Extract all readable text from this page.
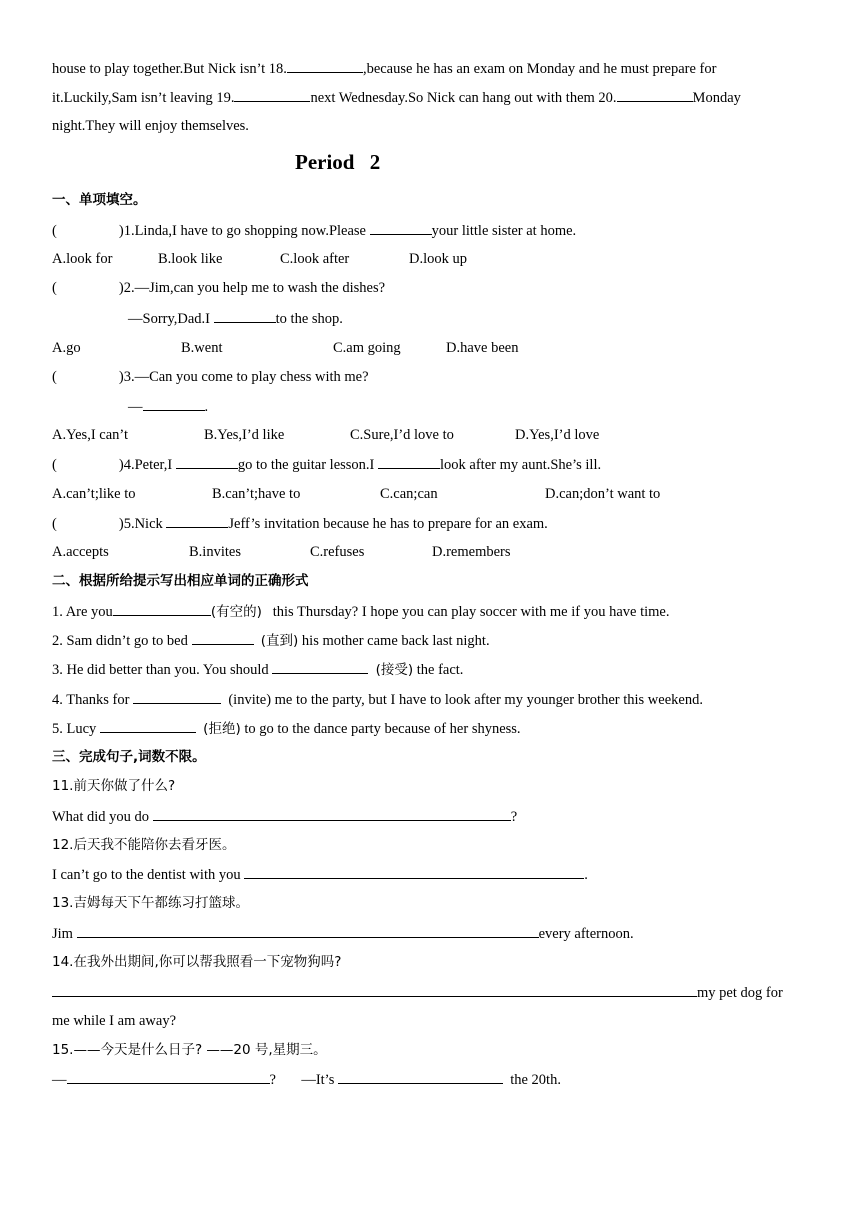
house to play together.But Nick isn’t 18.	,because he has an exam on Monday and he must prepare for
it.Luckily,Sam isn’t leaving 19.	next Wednesday.So Nick can hang out with them 20.	Monday
night.They will enjoy themselves.
Period 2
一、单项填空。
(	)1.Linda,I have to go shopping now.Please	your little sister at home.
A.look for	B.look like	C.look after	D.look up
(	)2.—Jim,can you help me to wash the dishes?
—Sorry,Dad.I	to the shop.
A.go	B.went	C.am going	D.have been
(	)3.—Can you come to play chess with me?
—	.
A.Yes,I can’t	B.Yes,I’d like	C.Sure,I’d love to	D.Yes,I’d love
(	)4.Peter,I	go to the guitar lesson.I	look after my aunt.She’s ill.
A.can’t;like to	B.can’t;have to	C.can;can	D.can;don’t want to
(	)5.Nick	Jeff’s invitation because he has to prepare for an exam.
A.accepts	B.invites	C.refuses	D.remembers
二、根据所给提示写出相应单词的正确形式
1. Are you	(有空的) this Thursday? I hope you can play soccer with me if you have time.
2. Sam didn’t go to bed	(直到) his mother came back last night.
3. He did better than you. You should	(接受) the fact.
4. Thanks for	(invite) me to the party, but I have to look after my younger brother this weekend.
5. Lucy	(拒绝) to go to the dance party because of her shyness.
三、完成句子,词数不限。
11.前天你做了什么?
What did you do	?
12.后天我不能陪你去看牙医。
I can’t go to the dentist with you	.
13.吉姆每天下午都练习打篮球。
Jim	every afternoon.
14.在我外出期间,你可以帮我照看一下宠物狗吗?
my pet dog for
me while I am away?
15.——今天是什么日子? ——20 号,星期三。
—	? —It’s	the 20th.
